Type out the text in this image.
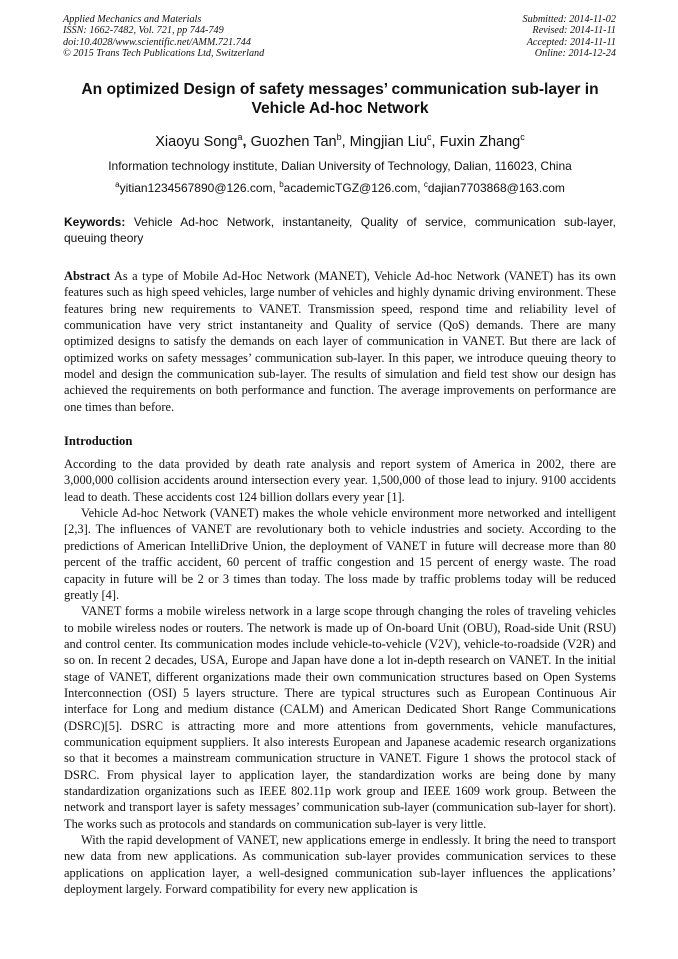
Applied Mechanics and Materials
ISSN: 1662-7482, Vol. 721, pp 744-749
doi:10.4028/www.scientific.net/AMM.721.744
© 2015 Trans Tech Publications Ltd, Switzerland
Submitted: 2014-11-02
Revised: 2014-11-11
Accepted: 2014-11-11
Online: 2014-12-24
An optimized Design of safety messages’ communication sub-layer in Vehicle Ad-hoc Network
Xiaoyu Song$^a$, Guozhen Tan$^b$, Mingjian Liu$^c$, Fuxin Zhang$^c$
Information technology institute, Dalian University of Technology, Dalian, 116023, China
$^a$yitian1234567890@126.com, $^b$academicTGZ@126.com, $^c$dajian7703868@163.com
Keywords: Vehicle Ad-hoc Network, instantaneity, Quality of service, communication sub-layer, queuing theory
Abstract As a type of Mobile Ad-Hoc Network (MANET), Vehicle Ad-hoc Network (VANET) has its own features such as high speed vehicles, large number of vehicles and highly dynamic driving environment. These features bring new requirements to VANET. Transmission speed, respond time and reliability level of communication have very strict instantaneity and Quality of service (QoS) demands. There are many optimized designs to satisfy the demands on each layer of communication in VANET. But there are lack of optimized works on safety messages’ communication sub-layer. In this paper, we introduce queuing theory to model and design the communication sub-layer. The results of simulation and field test show our design has achieved the requirements on both performance and function. The average improvements on performance are one times than before.
Introduction

According to the data provided by death rate analysis and report system of America in 2002, there are 3,000,000 collision accidents around intersection every year. 1,500,000 of those lead to injury. 9100 accidents lead to death. These accidents cost 124 billion dollars every year [1].

Vehicle Ad-hoc Network (VANET) makes the whole vehicle environment more networked and intelligent [2,3]. The influences of VANET are revolutionary both to vehicle industries and society. According to the predictions of American IntelliDrive Union, the deployment of VANET in future will decrease more than 80 percent of the traffic accident, 60 percent of traffic congestion and 15 percent of energy waste. The road capacity in future will be 2 or 3 times than today. The loss made by traffic problems today will be reduced greatly [4].

VANET forms a mobile wireless network in a large scope through changing the roles of traveling vehicles to mobile wireless nodes or routers. The network is made up of On-board Unit (OBU), Road-side Unit (RSU) and control center. Its communication modes include vehicle-to-vehicle (V2V), vehicle-to-roadside (V2R) and so on. In recent 2 decades, USA, Europe and Japan have done a lot in-depth research on VANET. In the initial stage of VANET, different organizations made their own communication structures based on Open Systems Interconnection (OSI) 5 layers structure. There are typical structures such as European Continuous Air interface for Long and medium distance (CALM) and American Dedicated Short Range Communications (DSRC)[5]. DSRC is attracting more and more attentions from governments, vehicle manufactures, communication equipment suppliers. It also interests European and Japanese academic research organizations so that it becomes a mainstream communication structure in VANET. Figure 1 shows the protocol stack of DSRC. From physical layer to application layer, the standardization works are being done by many standardization organizations such as IEEE 802.11p work group and IEEE 1609 work group. Between the network and transport layer is safety messages’ communication sub-layer (communication sub-layer for short). The works such as protocols and standards on communication sub-layer is very little.

With the rapid development of VANET, new applications emerge in endlessly. It bring the need to transport new data from new applications. As communication sub-layer provides communication services to these applications on application layer, a well-designed communication sub-layer influences the applications’ deployment largely. Forward compatibility for every new application is
